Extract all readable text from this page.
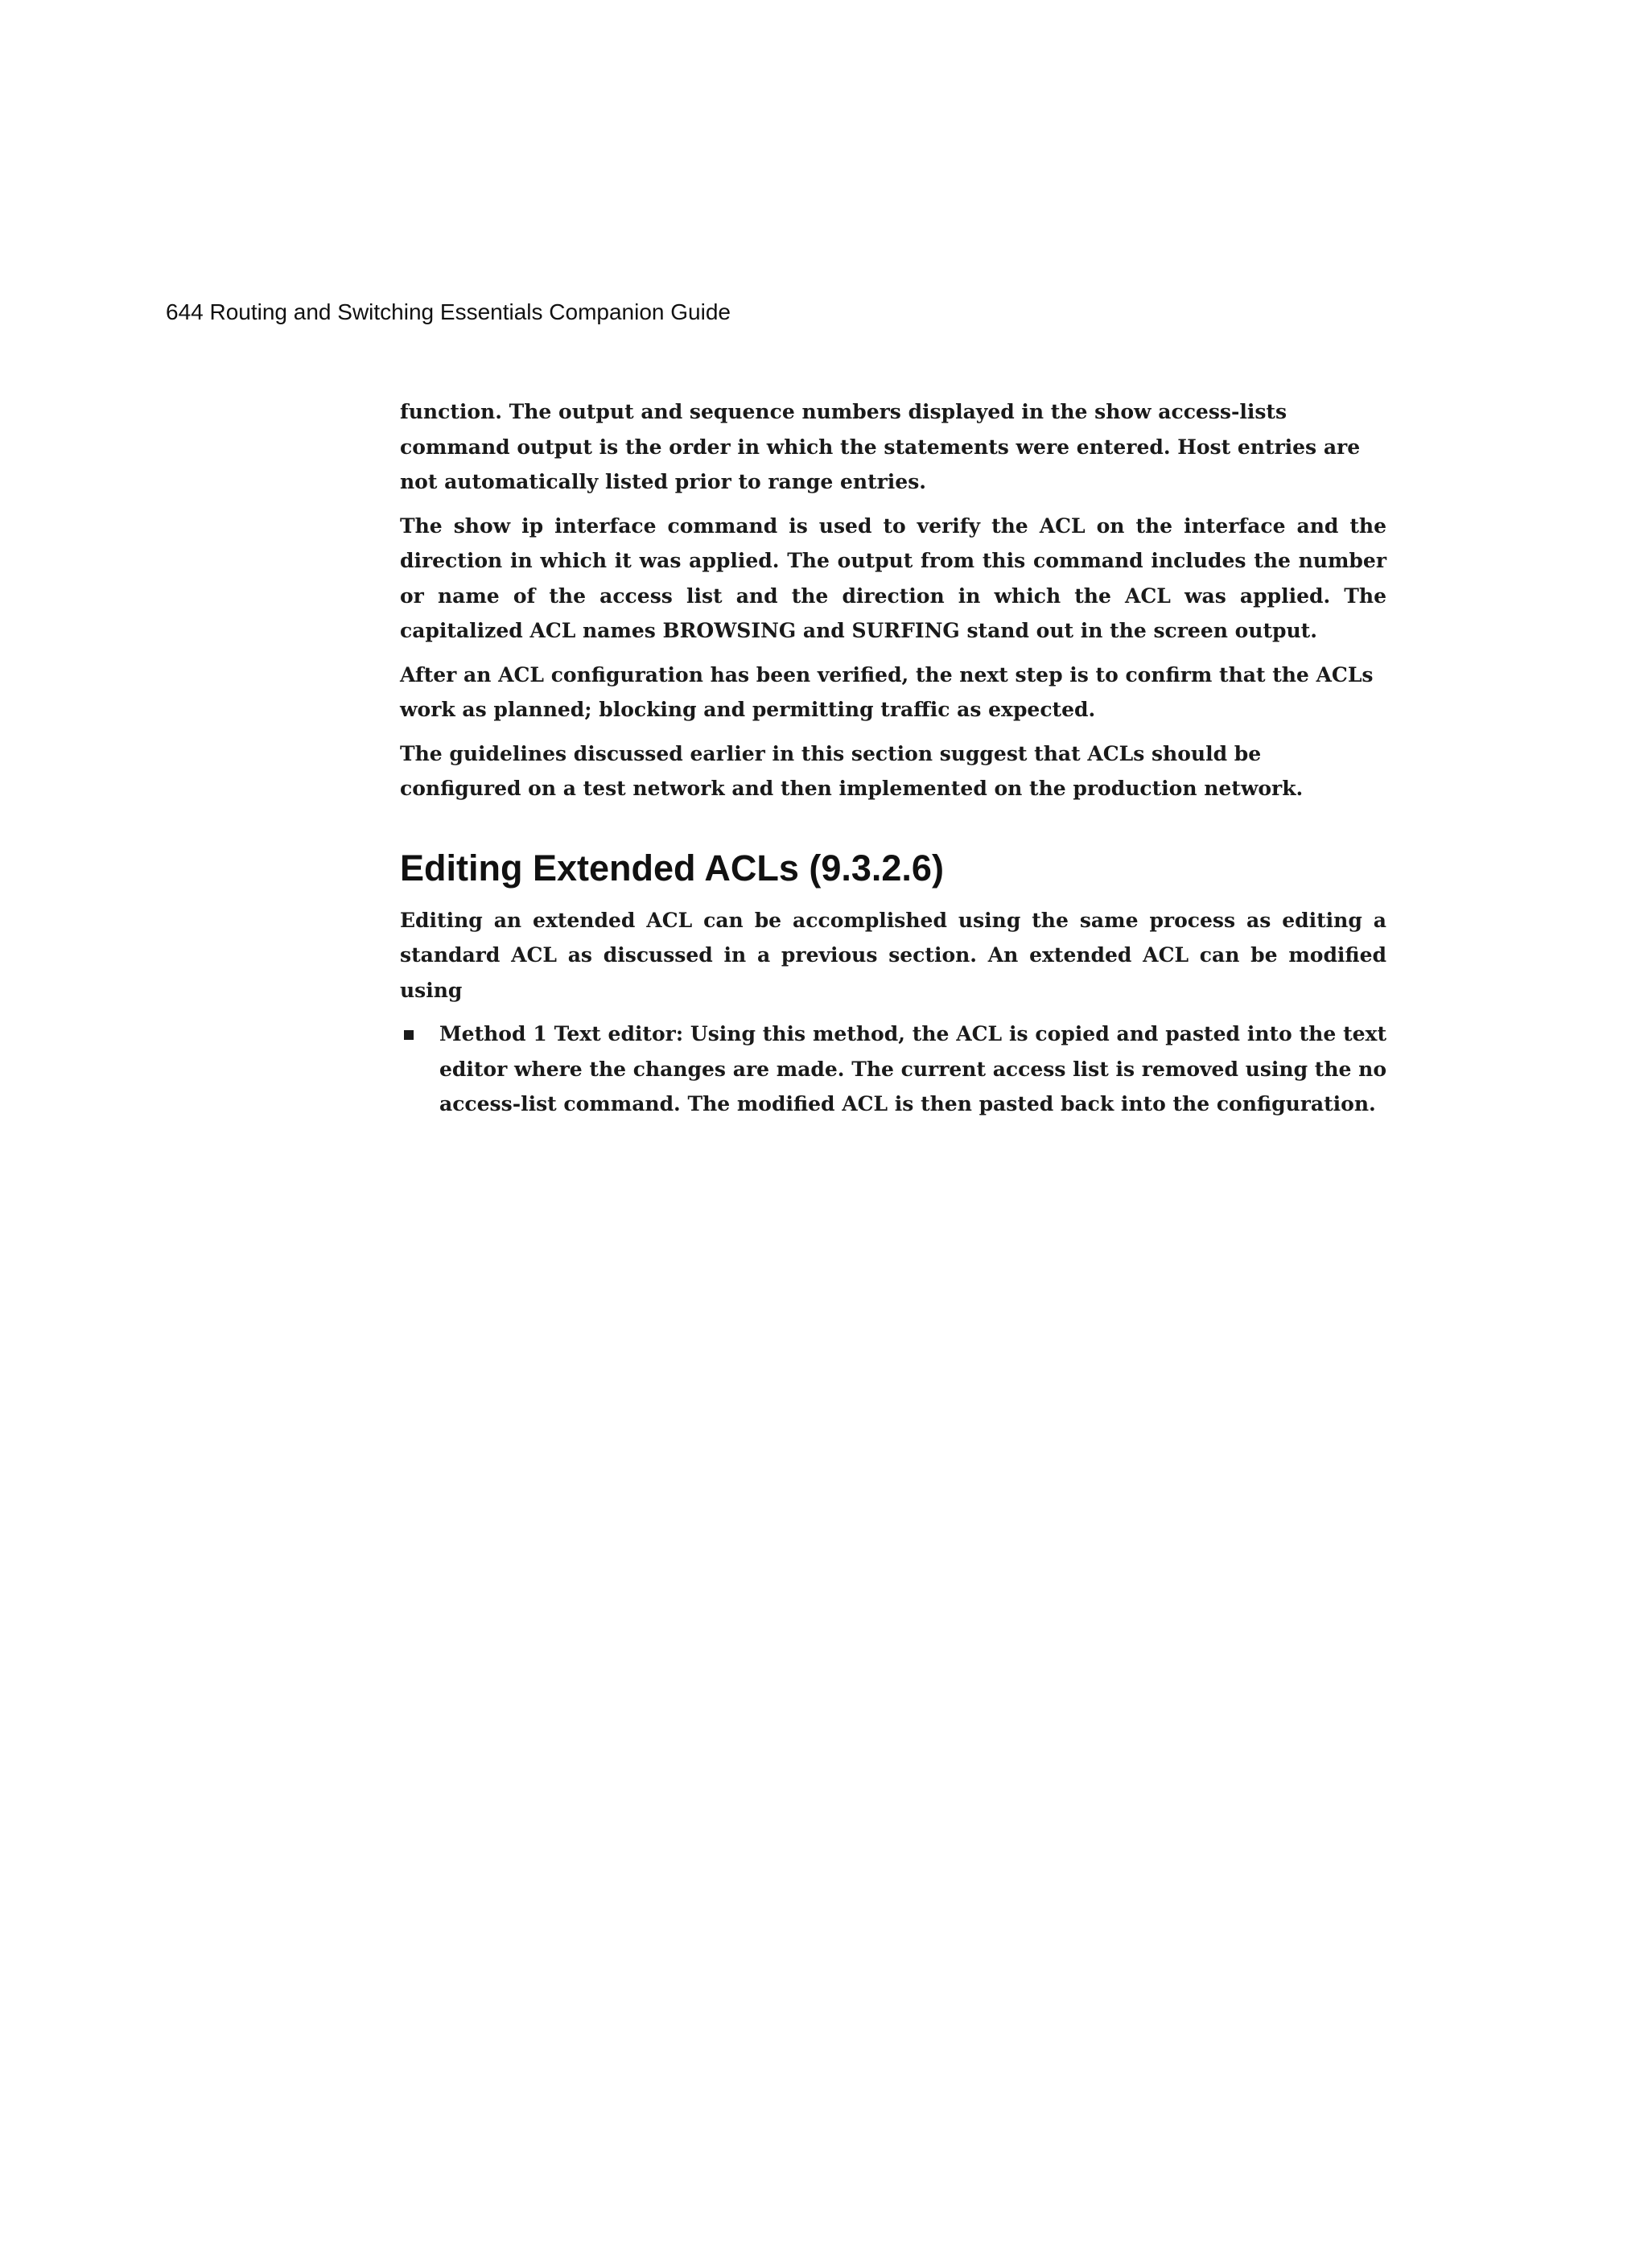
644 Routing and Switching Essentials Companion Guide

function. The output and sequence numbers displayed in the show access-lists command output is the order in which the statements were entered. Host entries are not automatically listed prior to range entries.

The show ip interface command is used to verify the ACL on the interface and the direction in which it was applied. The output from this command includes the number or name of the access list and the direction in which the ACL was applied. The capitalized ACL names BROWSING and SURFING stand out in the screen output.

After an ACL configuration has been verified, the next step is to confirm that the ACLs work as planned; blocking and permitting traffic as expected.

The guidelines discussed earlier in this section suggest that ACLs should be configured on a test network and then implemented on the production network.

Editing Extended ACLs (9.3.2.6)

Editing an extended ACL can be accomplished using the same process as editing a standard ACL as discussed in a previous section. An extended ACL can be modified using

Method 1 Text editor: Using this method, the ACL is copied and pasted into the text editor where the changes are made. The current access list is removed using the no access-list command. The modified ACL is then pasted back into the configuration.
